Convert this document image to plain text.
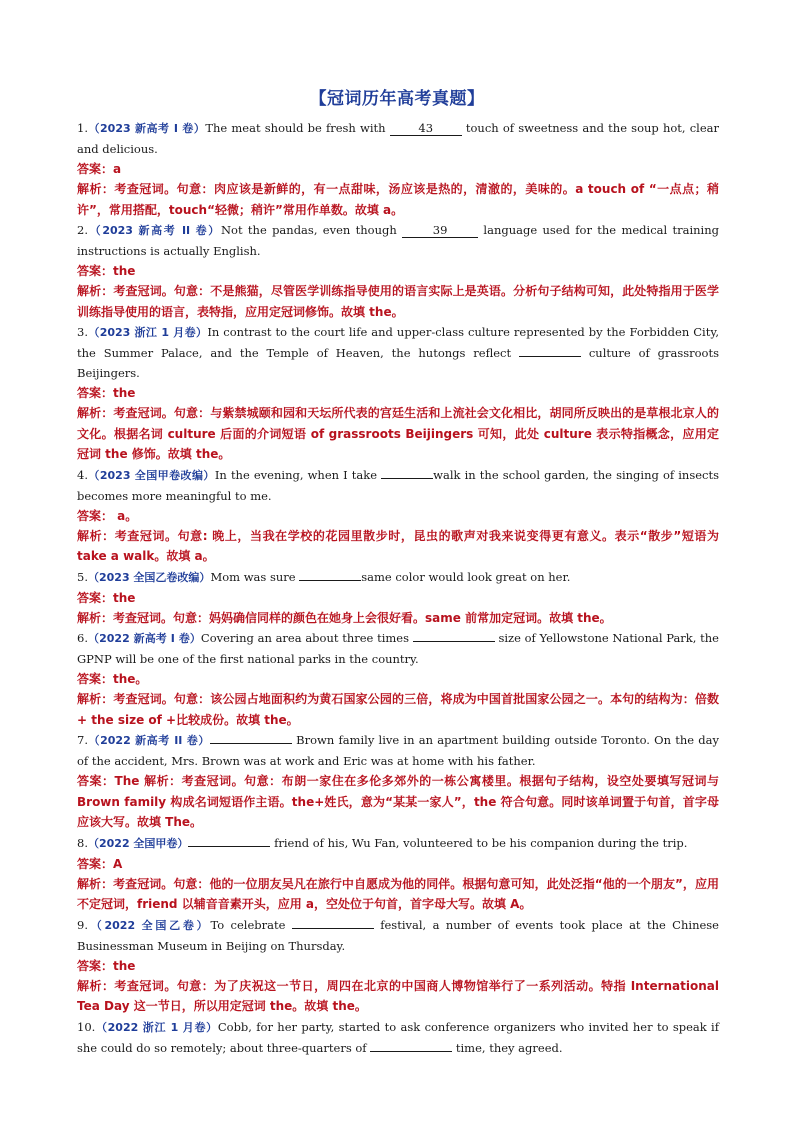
【冠词历年高考真题】

1.（2023 新高考 I 卷）The meat should be fresh with 43 touch of sweetness and the soup hot, clear and delicious.

答案：a

解析：考查冠词。句意：肉应该是新鲜的，有一点甜味，汤应该是热的，清澈的，美味的。a touch of “一点点；稍许”，常用搭配，touch“轻微；稍许”常用作单数。故填 a。

2.（2023 新高考 II 卷）Not the pandas, even though	39	language used for the medical training instructions is actually English.

答案：the

解析：考查冠词。句意：不是熊猫，尽管医学训练指导使用的语言实际上是英语。分析句子结构可知，此处特指用于医学训练指导使用的语言，表特指，应用定冠词修饰。故填 the。

3.（2023 浙江 1 月卷）In contrast to the court life and upper-class culture represented by the Forbidden City, the Summer Palace, and the Temple of Heaven, the hutongs reflect	culture of grassroots Beijingers.

答案：the

解析：考查冠词。句意：与紫禁城颐和园和天坛所代表的宫廷生活和上流社会文化相比，胡同所反映出的是草根北京人的文化。根据名词 culture 后面的介词短语 of grassroots Beijingers 可知，此处 culture 表示特指概念，应用定冠词 the 修饰。故填 the。

4.（2023 全国甲卷改编）In the evening, when I take	walk in the school garden, the singing of insects becomes more meaningful to me.

答案： a。

解析：考查冠词。句意: 晚上，当我在学校的花园里散步时，昆虫的歌声对我来说变得更有意义。表示“散步”短语为 take a walk。故填 a。

5.（2023 全国乙卷改编）Mom was sure	same color would look great on her.

答案：the

解析：考查冠词。句意：妈妈确信同样的颜色在她身上会很好看。same 前常加定冠词。故填 the。

6.（2022 新高考 I 卷）Covering an area about three times	size of Yellowstone National Park, the GPNP will be one of the first national parks in the country.

答案：the。

解析：考查冠词。句意：该公园占地面积约为黄石国家公园的三倍，将成为中国首批国家公园之一。本句的结构为：倍数+ the size of +比较成份。故填 the。

7.（2022 新高考 II 卷）	Brown family live in an apartment building outside Toronto. On the day of the accident, Mrs. Brown was at work and Eric was at home with his father.

答案：The 解析：考查冠词。句意：布朗一家住在多伦多郊外的一栋公寓楼里。根据句子结构，设空处要填写冠词与 Brown family 构成名词短语作主语。the+姓氏，意为“某某一家人”，the 符合句意。同时该单词置于句首，首字母应该大写。故填 The。

8.（2022 全国甲卷）	friend of his, Wu Fan, volunteered to be his companion during the trip.

答案：A

解析：考查冠词。句意：他的一位朋友吴凡在旅行中自愿成为他的同伴。根据句意可知，此处泛指“他的一个朋友”，应用不定冠词，friend 以辅音音素开头，应用 a，空处位于句首，首字母大写。故填 A。

9.（2022 全国乙卷）To celebrate	festival, a number of events took place at the Chinese Businessman Museum in Beijing on Thursday.

答案：the

解析：考查冠词。句意：为了庆祝这一节日，周四在北京的中国商人博物馆举行了一系列活动。特指 International Tea Day 这一节日，所以用定冠词 the。故填 the。

10.（2022 浙江 1 月卷）Cobb, for her party, started to ask conference organizers who invited her to speak if she could do so remotely; about three-quarters of	time, they agreed.
